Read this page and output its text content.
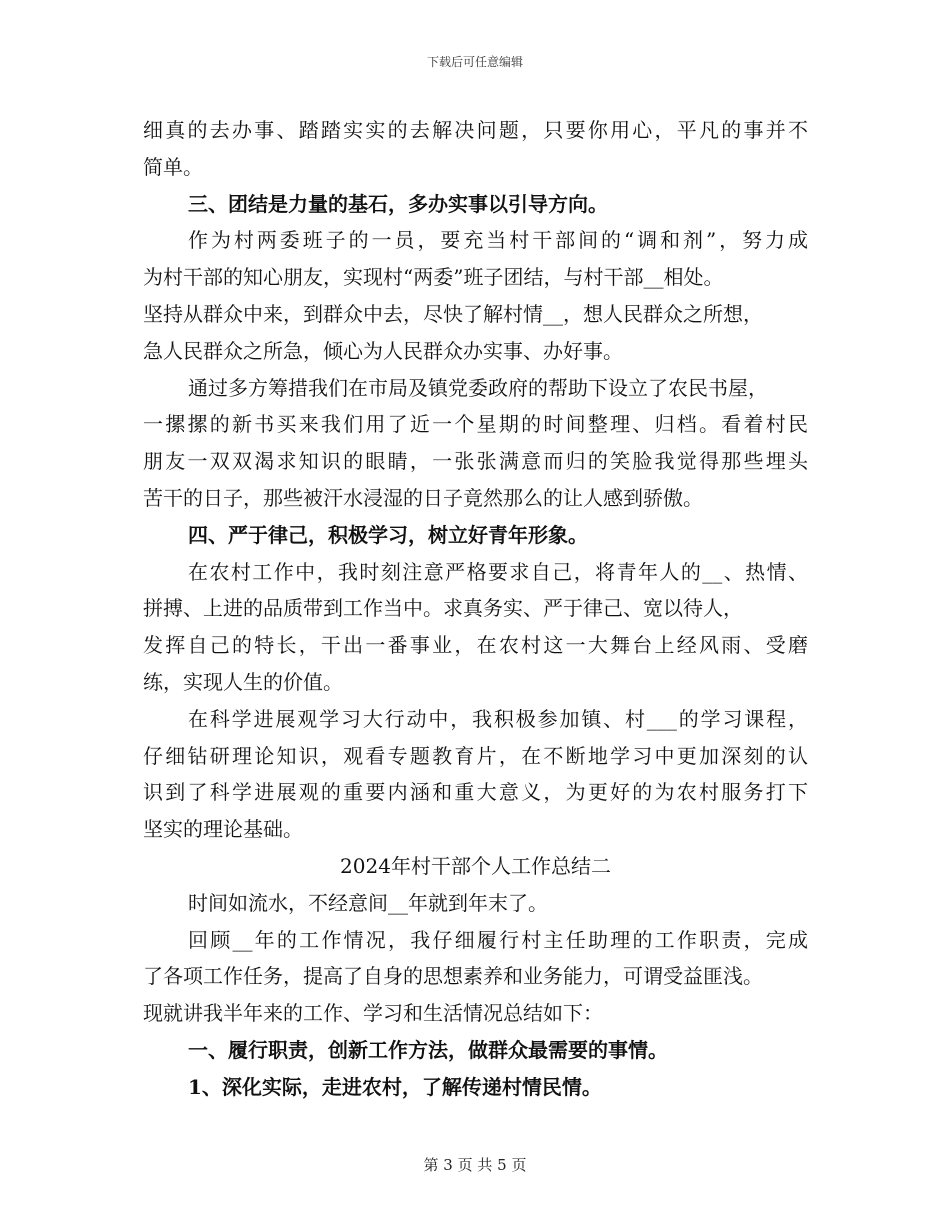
下载后可任意编辑
细真的去办事、踏踏实实的去解决问题，只要你用心，平凡的事并不
简单。
三、团结是力量的基石，多办实事以引导方向。
作为村两委班子的一员，要充当村干部间的“调和剂”，努力成
为村干部的知心朋友，实现村“两委”班子团结，与村干部__相处。
坚持从群众中来，到群众中去，尽快了解村情__，想人民群众之所想，
急人民群众之所急，倾心为人民群众办实事、办好事。
通过多方筹措我们在市局及镇党委政府的帮助下设立了农民书屋，
一摞摞的新书买来我们用了近一个星期的时间整理、归档。看着村民
朋友一双双渴求知识的眼睛，一张张满意而归的笑脸我觉得那些埋头
苦干的日子，那些被汗水浸湿的日子竟然那么的让人感到骄傲。
四、严于律己，积极学习，树立好青年形象。
在农村工作中，我时刻注意严格要求自己，将青年人的__、热情、
拼搏、上进的品质带到工作当中。求真务实、严于律己、宽以待人，
发挥自己的特长，干出一番事业，在农村这一大舞台上经风雨、受磨
练，实现人生的价值。
在科学进展观学习大行动中，我积极参加镇、村___的学习课程，
仔细钻研理论知识，观看专题教育片，在不断地学习中更加深刻的认
识到了科学进展观的重要内涵和重大意义，为更好的为农村服务打下
坚实的理论基础。
2024年村干部个人工作总结二
时间如流水，不经意间__年就到年末了。
回顾__年的工作情况，我仔细履行村主任助理的工作职责，完成
了各项工作任务，提高了自身的思想素养和业务能力，可谓受益匪浅。
现就讲我半年来的工作、学习和生活情况总结如下：
一、履行职责，创新工作方法，做群众最需要的事情。
1、深化实际，走进农村，了解传递村情民情。
第 3 页 共 5 页
